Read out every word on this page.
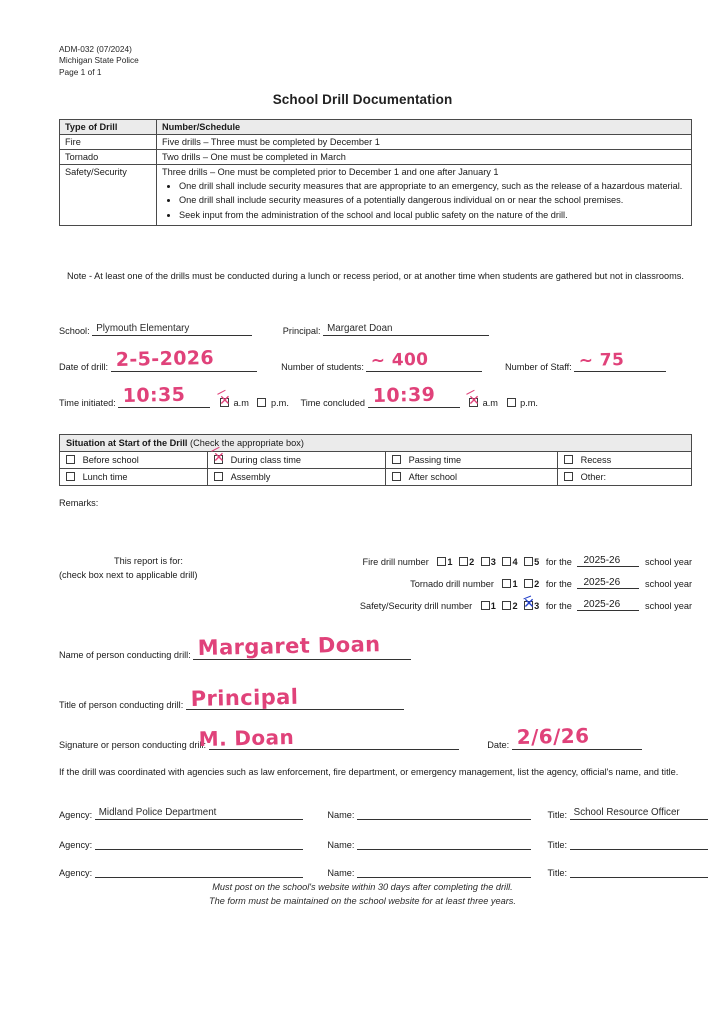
ADM-032 (07/2024)
Michigan State Police
Page 1 of 1
School Drill Documentation
Type of Drill	Number/Schedule
Fire	Five drills – Three must be completed by December 1
Tornado	Two drills – One must be completed in March
Safety/Security	Three drills – One must be completed prior to December 1 and one after January 1
• One drill shall include security measures that are appropriate to an emergency, such as the release of a hazardous material.
• One drill shall include security measures of a potentially dangerous individual on or near the school premises.
• Seek input from the administration of the school and local public safety on the nature of the drill.
Note - At least one of the drills must be conducted during a lunch or recess period, or at another time when students are gathered but not in classrooms.
School: Plymouth Elementary	Principal: Margaret Doan
Date of drill: 2-5-2026	Number of students: ~ 400	Number of Staff: ~ 75
Time initiated: 10:35 ✕	a.m p.m. Time concluded 10:39 ✕	a.m p.m.
Situation at Start of the Drill (Check the appropriate box)			
Before school	✕During class time	Passing time	Recess
Lunch time	Assembly	After school	Other:
Remarks:
This report is for:
(check box next to applicable drill)
Fire drill number 1 2 3 4 5 for the 2025-26	school year
Tornado drill number 1 2 for the 2025-26	school year
Safety/Security drill number 1 2 ✕ 3 for the 2025-26	school year
Name of person conducting drill: Margaret Doan
Title of person conducting drill: Principal
Signature or person conducting drill:
M. Doan	Date: 2/6/26
If the drill was coordinated with agencies such as law enforcement, fire department, or emergency management, list the agency, official's name, and title.
Agency: Midland Police Department	Name:	Title: School Resource Officer
Agency:	Name:	Title:
Agency:	Name:	Title:
Must post on the school's website within 30 days after completing the drill.
The form must be maintained on the school website for at least three years.
